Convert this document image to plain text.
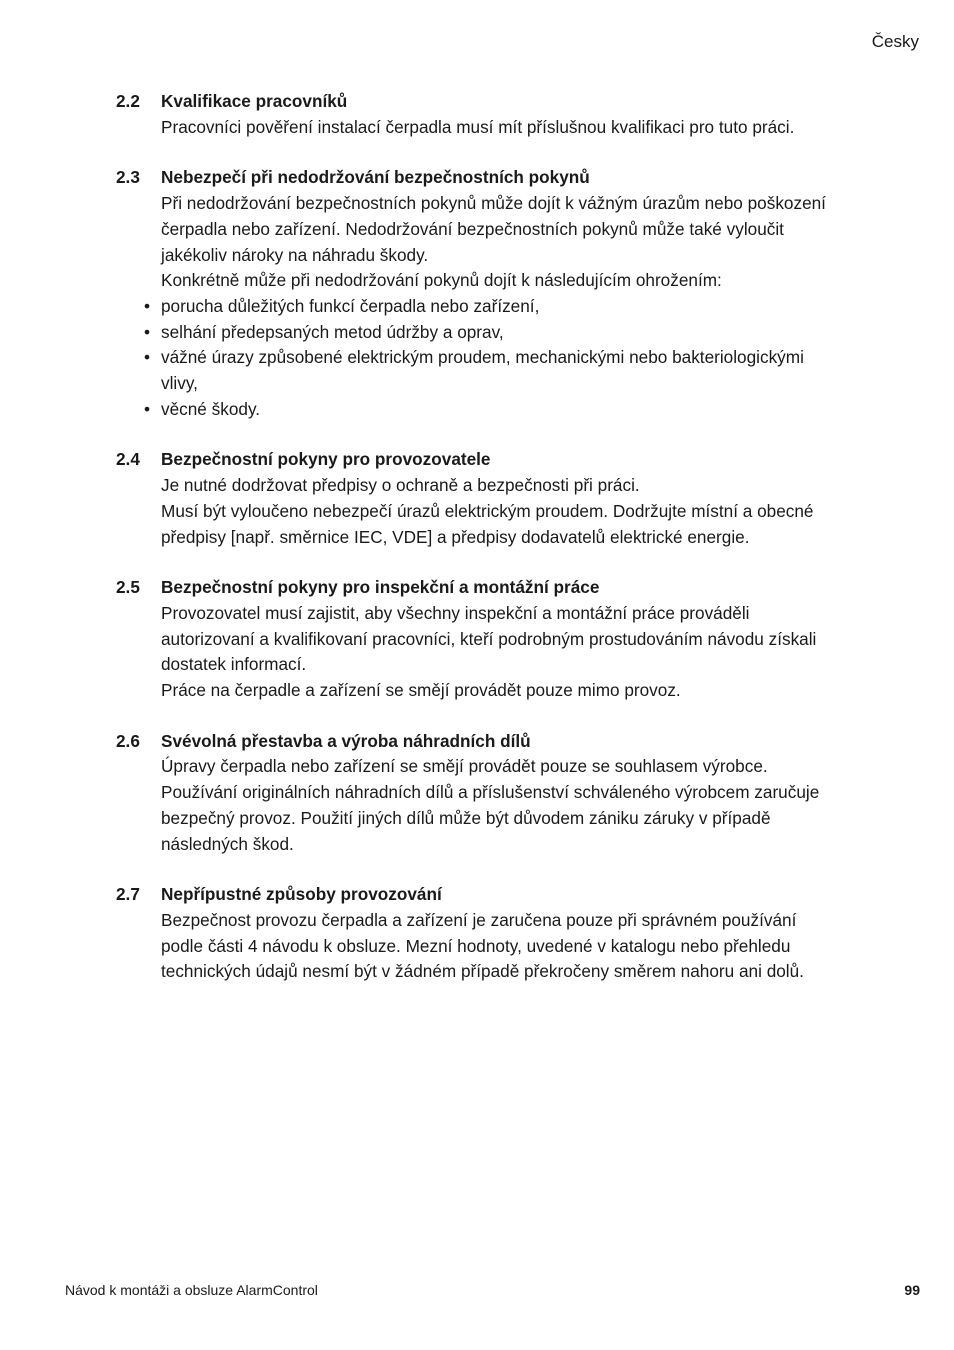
Česky
2.2	Kvalifikace pracovníků

Pracovníci pověření instalací čerpadla musí mít příslušnou kvalifikaci pro tuto práci.

2.3	Nebezpečí při nedodržování bezpečnostních pokynů

Při nedodržování bezpečnostních pokynů může dojít k vážným úrazům nebo poškození čerpadla nebo zařízení. Nedodržování bezpečnostních pokynů může také vyloučit jakékoliv nároky na náhradu škody.

Konkrétně může při nedodržování pokynů dojít k následujícím ohrožením:

• porucha důležitých funkcí čerpadla nebo zařízení,
• selhání předepsaných metod údržby a oprav,
• vážné úrazy způsobené elektrickým proudem, mechanickými nebo bakteriologickými vlivy,
• věcné škody.
2.4	Bezpečnostní pokyny pro provozovatele

Je nutné dodržovat předpisy o ochraně a bezpečnosti při práci.

Musí být vyloučeno nebezpečí úrazů elektrickým proudem. Dodržujte místní a obecné předpisy [např. směrnice IEC, VDE] a předpisy dodavatelů elektrické energie.

2.5	Bezpečnostní pokyny pro inspekční a montážní práce

Provozovatel musí zajistit, aby všechny inspekční a montážní práce prováděli autorizovaní a kvalifikovaní pracovníci, kteří podrobným prostudováním návodu získali dostatek informací.

Práce na čerpadle a zařízení se smějí provádět pouze mimo provoz.

2.6	Svévolná přestavba a výroba náhradních dílů

Úpravy čerpadla nebo zařízení se smějí provádět pouze se souhlasem výrobce. Používání originálních náhradních dílů a příslušenství schváleného výrobcem zaručuje bezpečný provoz. Použití jiných dílů může být důvodem zániku záruky v případě následných škod.

2.7	Nepřípustné způsoby provozování

Bezpečnost provozu čerpadla a zařízení je zaručena pouze při správném používání podle části 4 návodu k obsluze. Mezní hodnoty, uvedené v katalogu nebo přehledu technických údajů nesmí být v žádném případě překročeny směrem nahoru ani dolů.

Návod k montáži a obsluze AlarmControl	99
